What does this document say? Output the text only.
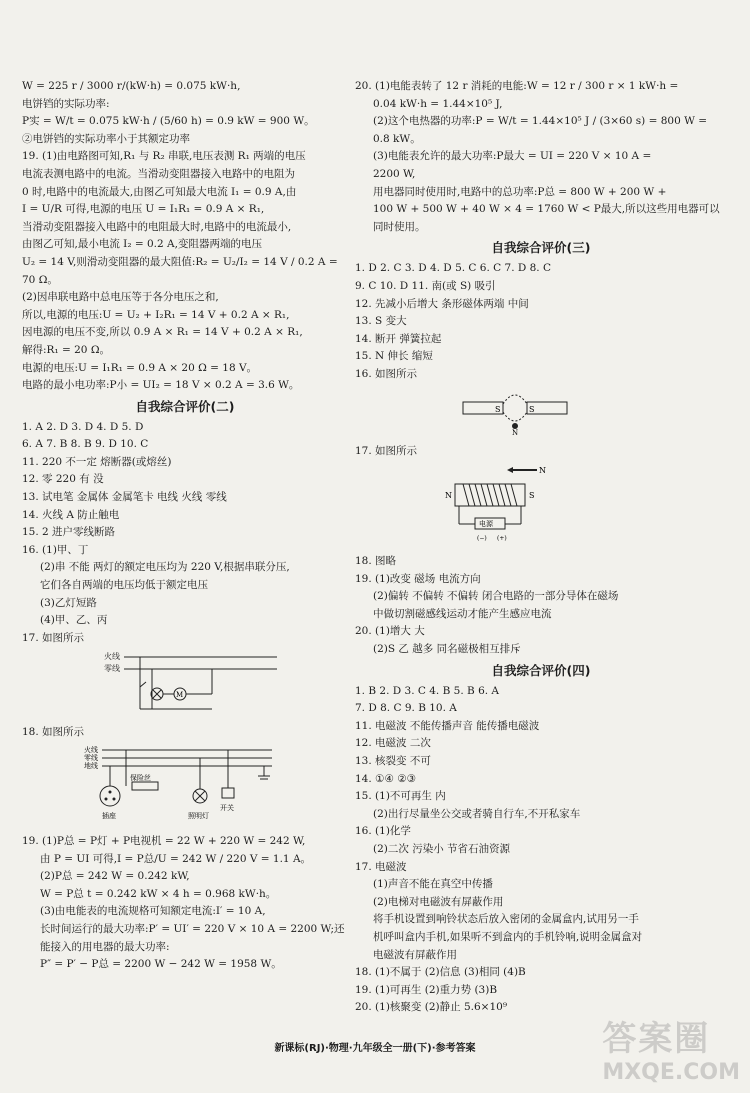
W = 225 r / 3000 r/(kW·h) = 0.075 kW·h,
电饼铛的实际功率:
P实 = W/t = 0.075 kW·h / (5/60 h) = 0.9 kW = 900 W。
②电饼铛的实际功率小于其额定功率
19. (1)由电路图可知,R₁ 与 R₂ 串联,电压表测 R₁ 两端的电压
电流表测电路中的电流。当滑动变阻器接入电路中的电阻为
0 时,电路中的电流最大,由图乙可知最大电流 I₁ = 0.9 A,由
I = U/R 可得,电源的电压 U = I₁R₁ = 0.9 A × R₁,
当滑动变阻器接入电路中的电阻最大时,电路中的电流最小,
由图乙可知,最小电流 I₂ = 0.2 A,变阻器两端的电压
U₂ = 14 V,则滑动变阻器的最大阻值:R₂ = U₂/I₂ = 14 V / 0.2 A =
70 Ω。
(2)因串联电路中总电压等于各分电压之和,
所以,电源的电压:U = U₂ + I₂R₁ = 14 V + 0.2 A × R₁,
因电源的电压不变,所以 0.9 A × R₁ = 14 V + 0.2 A × R₁,
解得:R₁ = 20 Ω。
电源的电压:U = I₁R₁ = 0.9 A × 20 Ω = 18 V。
电路的最小电功率:P小 = UI₂ = 18 V × 0.2 A = 3.6 W。
自我综合评价(二)
1. A 2. D 3. D 4. D 5. D
6. A 7. B 8. B 9. D 10. C
11. 220 不一定 熔断器(或熔丝)
12. 零 220 有 没
13. 试电笔 金属体 金属笔卡 电线 火线 零线
14. 火线 A 防止触电
15. 2 进户零线断路
16. (1)甲、丁
(2)串 不能 两灯的额定电压均为 220 V,根据串联分压,
它们各自两端的电压均低于额定电压
(3)乙灯短路
(4)甲、乙、丙
17. 如图所示
火线
零线
M
18. 如图所示
火线
零线
地线
保险丝
插座	照明灯
开关
19. (1)P总 = P灯 + P电视机 = 22 W + 220 W = 242 W,
由 P = UI 可得,I = P总/U = 242 W / 220 V = 1.1 A。
(2)P总 = 242 W = 0.242 kW,
W = P总 t = 0.242 kW × 4 h = 0.968 kW·h。
(3)由电能表的电流规格可知额定电流:I′ = 10 A,
长时间运行的最大功率:P′ = UI′ = 220 V × 10 A = 2200 W;还
能接入的用电器的最大功率:
P″ = P′ − P总 = 2200 W − 242 W = 1958 W。
20. (1)电能表转了 12 r 消耗的电能:W = 12 r / 300 r × 1 kW·h =
0.04 kW·h = 1.44×10⁵ J,
(2)这个电热器的功率:P = W/t = 1.44×10⁵ J / (3×60 s) = 800 W =
0.8 kW。
(3)电能表允许的最大功率:P最大 = UI = 220 V × 10 A =
2200 W,
用电器同时使用时,电路中的总功率:P总 = 800 W + 200 W +
100 W + 500 W + 40 W × 4 = 1760 W < P最大,所以这些用电器可以
同时使用。
自我综合评价(三)
1. D 2. C 3. D 4. D 5. C 6. C 7. D 8. C
9. C 10. D 11. 南(或 S) 吸引
12. 先减小后增大 条形磁体两端 中间
13. S 变大
14. 断开 弹簧拉起
15. N 伸长 缩短
16. 如图所示
S	S
N
17. 如图所示
N
N	S
电源
(−) (+)
18. 图略
19. (1)改变 磁场 电流方向
(2)偏转 不偏转 不偏转 闭合电路的一部分导体在磁场
中做切割磁感线运动才能产生感应电流
20. (1)增大 大
(2)S 乙 越多 同名磁极相互排斥
自我综合评价(四)
1. B 2. D 3. C 4. B 5. B 6. A
7. D 8. C 9. B 10. A
11. 电磁波 不能传播声音 能传播电磁波
12. 电磁波 二次
13. 核裂变 不可
14. ①④ ②③
15. (1)不可再生 内
(2)出行尽量坐公交或者骑自行车,不开私家车
16. (1)化学
(2)二次 污染小 节省石油资源
17. 电磁波
(1)声音不能在真空中传播
(2)电梯对电磁波有屏蔽作用
将手机设置到响铃状态后放入密闭的金属盒内,试用另一手
机呼叫盒内手机,如果听不到盒内的手机铃响,说明金属盒对
电磁波有屏蔽作用
18. (1)不属于 (2)信息 (3)相同 (4)B
19. (1)可再生 (2)重力势 (3)B
20. (1)核聚变 (2)静止 5.6×10⁹
新课标(RJ)·物理·九年级全一册(下)·参考答案	答案圈
MXQE.COM
